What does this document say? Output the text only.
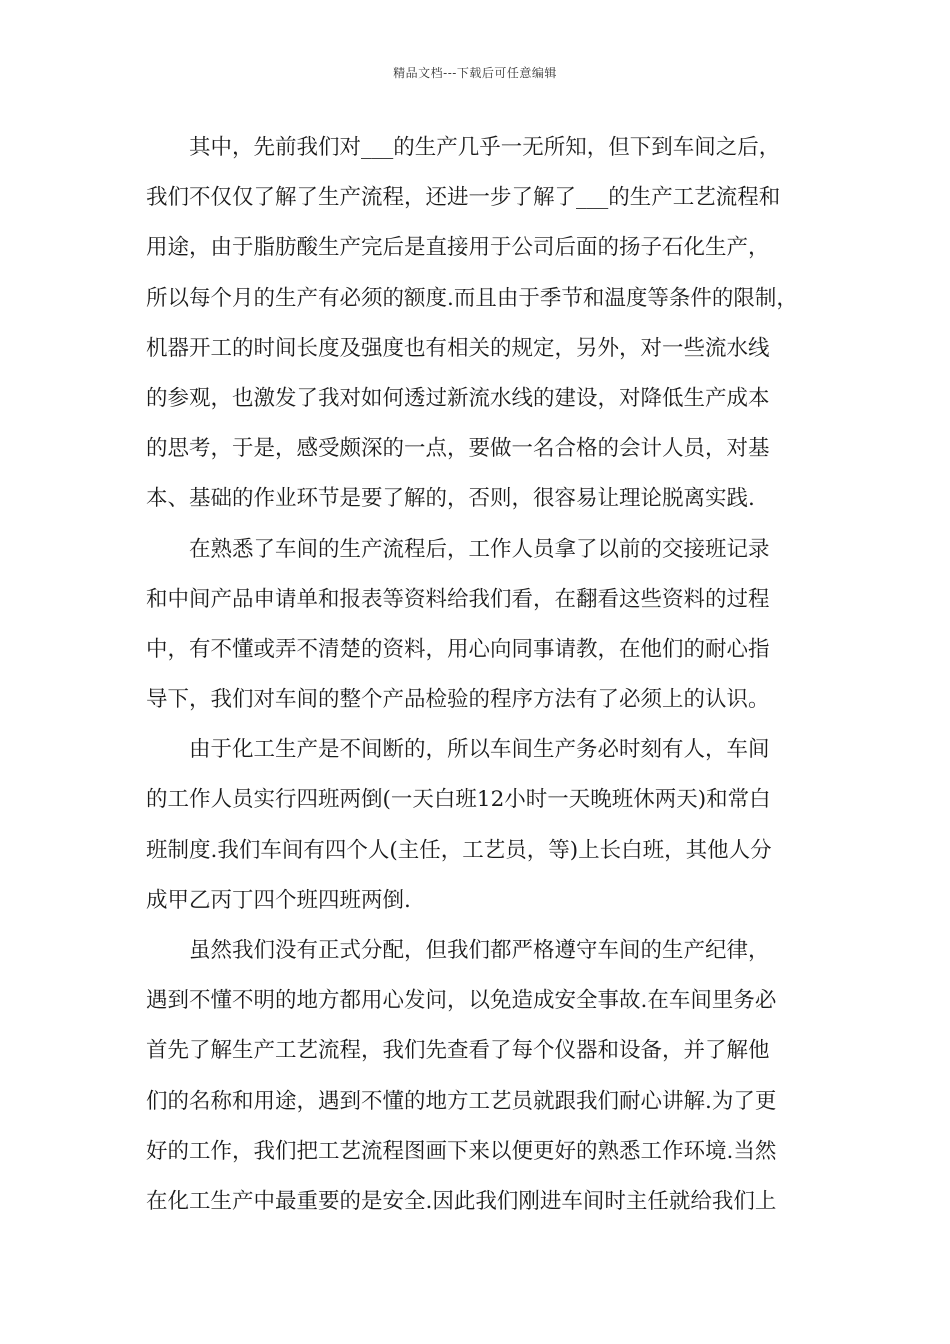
精品文档---下载后可任意编辑
其中，先前我们对___的生产几乎一无所知，但下到车间之后，
我们不仅仅了解了生产流程，还进一步了解了___的生产工艺流程和
用途，由于脂肪酸生产完后是直接用于公司后面的扬子石化生产，
所以每个月的生产有必须的额度.而且由于季节和温度等条件的限制，
机器开工的时间长度及强度也有相关的规定，另外，对一些流水线
的参观，也激发了我对如何透过新流水线的建设，对降低生产成本
的思考，于是，感受颇深的一点，要做一名合格的会计人员，对基
本、基础的作业环节是要了解的，否则，很容易让理论脱离实践.
在熟悉了车间的生产流程后，工作人员拿了以前的交接班记录
和中间产品申请单和报表等资料给我们看，在翻看这些资料的过程
中，有不懂或弄不清楚的资料，用心向同事请教，在他们的耐心指
导下，我们对车间的整个产品检验的程序方法有了必须上的认识。
由于化工生产是不间断的，所以车间生产务必时刻有人，车间
的工作人员实行四班两倒(一天白班12小时一天晚班休两天)和常白
班制度.我们车间有四个人(主任，工艺员，等)上长白班，其他人分
成甲乙丙丁四个班四班两倒.
虽然我们没有正式分配，但我们都严格遵守车间的生产纪律，
遇到不懂不明的地方都用心发问，以免造成安全事故.在车间里务必
首先了解生产工艺流程，我们先查看了每个仪器和设备，并了解他
们的名称和用途，遇到不懂的地方工艺员就跟我们耐心讲解.为了更
好的工作，我们把工艺流程图画下来以便更好的熟悉工作环境.当然
在化工生产中最重要的是安全.因此我们刚进车间时主任就给我们上
